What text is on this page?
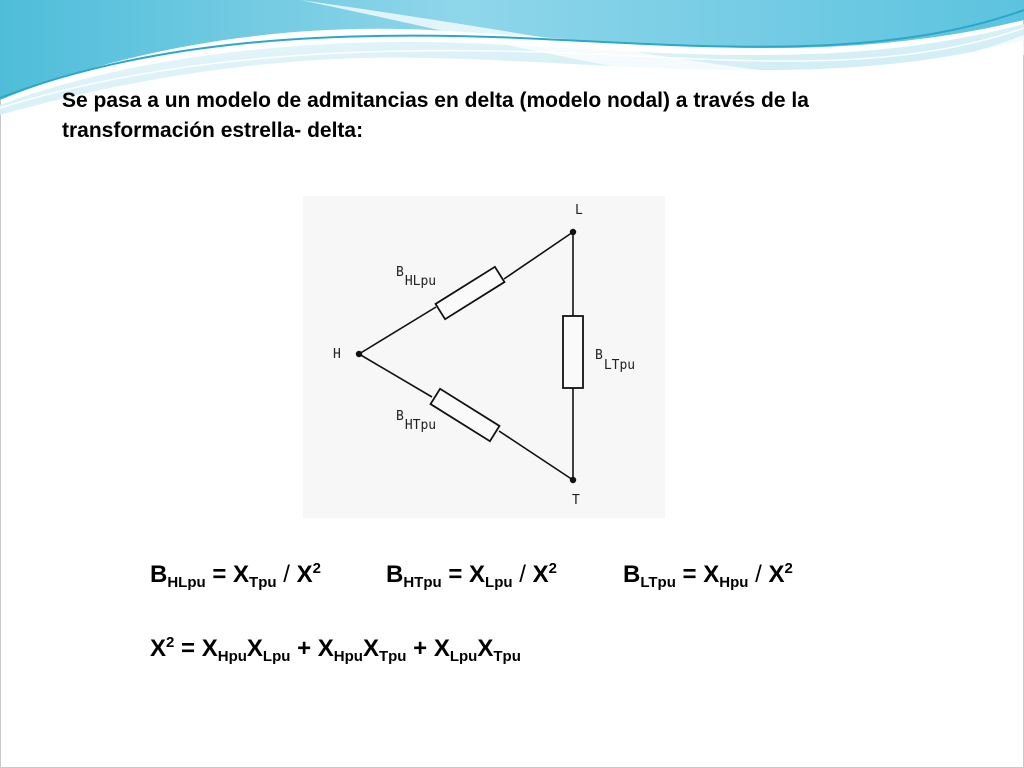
Se pasa a un modelo de admitancias en delta (modelo nodal) a través de la
transformación estrella- delta:
L
H
T
BHLpu
BHTpu
BLTpu
$B_{HLpu} = X_{Tpu} / X^2$	$B_{HTpu} = X_{Lpu} / X^2$	$B_{LTpu} = X_{Hpu} / X^2$
$X^2 = X_{Hpu}X_{Lpu} + X_{Hpu}X_{Tpu} + X_{Lpu}X_{Tpu}$
